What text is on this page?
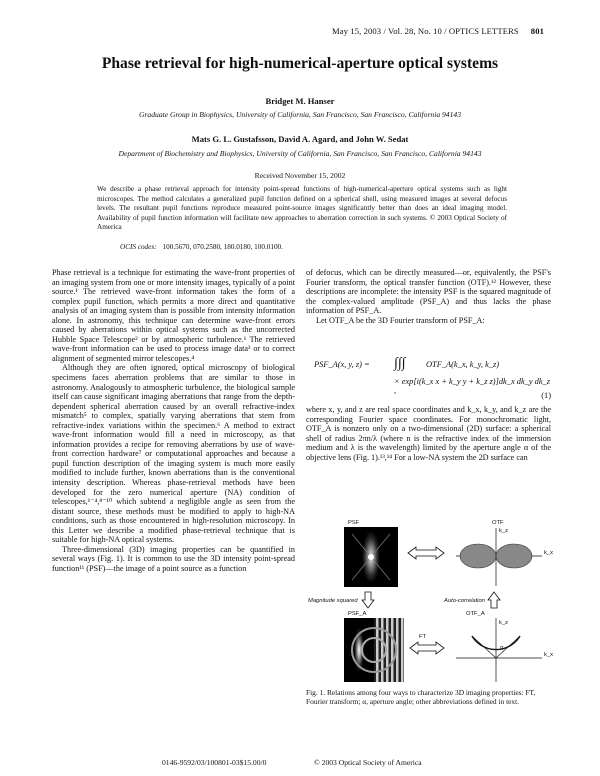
May 15, 2003 / Vol. 28, No. 10 / OPTICS LETTERS 801
Phase retrieval for high-numerical-aperture optical systems
Bridget M. Hanser
Graduate Group in Biophysics, University of California, San Francisco, San Francisco, California 94143
Mats G. L. Gustafsson, David A. Agard, and John W. Sedat
Department of Biochemistry and Biophysics, University of California, San Francisco, San Francisco, California 94143
Received November 15, 2002
We describe a phase retrieval approach for intensity point-spread functions of high-numerical-aperture optical systems such as light microscopes. The method calculates a generalized pupil function defined on a spherical shell, using measured images at several defocus levels. The resultant pupil functions reproduce measured point-source images significantly better than does an ideal imaging model. Availability of pupil function information will facilitate new approaches to aberration correction in such systems. © 2003 Optical Society of America
OCIS codes: 100.5670, 070.2580, 180.0180, 100.0100.

Phase retrieval is a technique for estimating the wave-front properties of an imaging system from one or more intensity images, typically of a point source.¹ The retrieved wave-front information takes the form of a complex pupil function, which permits a more direct and quantitative analysis of an imaging system than is possible from intensity information alone. In astronomy, this technique can determine wave-front errors caused by aberrations within optical systems such as the uncorrected Hubble Space Telescope² or by atmospheric turbulence.¹ The retrieved wave-front information can be used to process image data³ or to correct alignment of segmented mirror telescopes.⁴

Although they are often ignored, optical microscopy of biological specimens faces aberration problems that are similar to those in astronomy. Analogously to atmospheric turbulence, the biological sample itself can cause significant imaging aberrations that range from the depth-dependent spherical aberration caused by an overall refractive-index mismatch⁵ to complex, spatially varying aberrations that stem from refractive-index variations within the specimen.⁶ A method to extract wave-front information would fill a need in microscopy, as that information provides a recipe for removing aberrations by use of wave-front correction hardware⁷ or computational approaches and because a pupil function description of the imaging system is much more easily modified to include further, known aberrations than is the conventional intensity description. Whereas phase-retrieval methods have been developed for the zero numerical aperture (NA) condition of telescopes,¹⁻⁴,⁸⁻¹⁰ which subtend a negligible angle as seen from the distant source, these methods must be modified to apply to high-NA conditions, such as those encountered in high-resolution microscopy. In this Letter we describe a modified phase-retrieval technique that is suitable for high-NA optical systems.

Three-dimensional (3D) imaging properties can be quantified in several ways (Fig. 1). It is common to use the 3D intensity point-spread function¹¹ (PSF)—the image of a point source as a function

of defocus, which can be directly measured—or, equivalently, the PSF's Fourier transform, the optical transfer function (OTF).¹² However, these descriptions are incomplete: the intensity PSF is the squared magnitude of the complex-valued amplitude (PSF_A) and thus lacks the phase information of PSF_A.

Let OTF_A be the 3D Fourier transform of PSF_A:

PSF_A(x, y, z) = ∫∫∫ OTF_A(k_x, k_y, k_z)
× exp[i(k_x x + k_y y + k_z z)]dk_x dk_y dk_z ,
(1)

where x, y, and z are real space coordinates and k_x, k_y, and k_z are the corresponding Fourier space coordinates. For monochromatic light, OTF_A is nonzero only on a two-dimensional (2D) surface: a spherical shell of radius 2πn/λ (where n is the refractive index of the immersion medium and λ is the wavelength) limited by the aperture angle α of the objective lens (Fig. 1).¹³,¹⁴ For a low-NA system the 2D surface can

PSF	OTF
k_x
k_z
Magnitude squared	Auto-correlation
PSF_A
FT
OTF_A
α
k_x
k_z
Fig. 1. Relations among four ways to characterize 3D imaging properties: FT, Fourier transform; α, aperture angle; other abbreviations defined in text.
0146-9592/03/100801-03$15.00/0	© 2003 Optical Society of America
